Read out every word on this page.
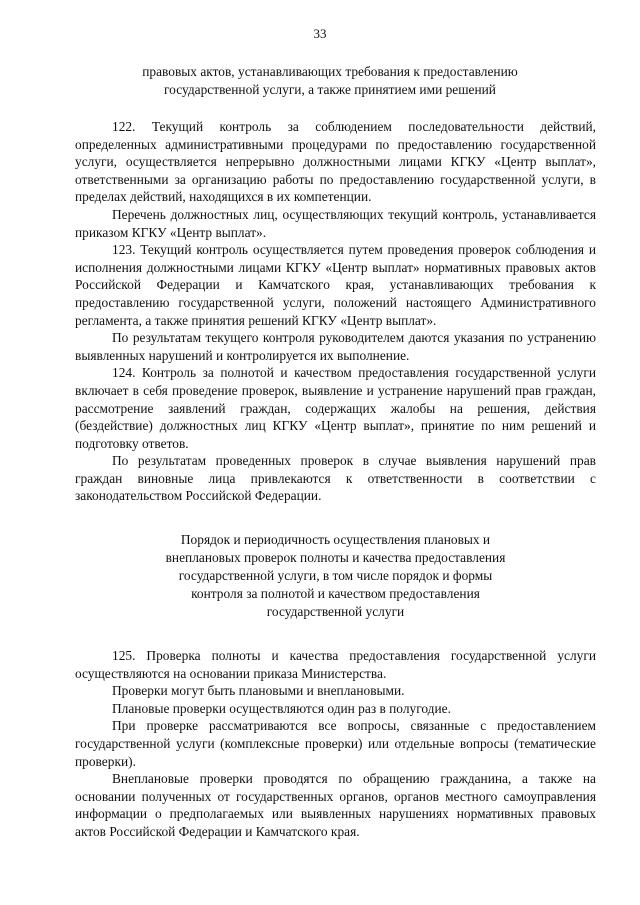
33
правовых актов, устанавливающих требования к предоставлению
государственной услуги, а также принятием ими решений

122. Текущий контроль за соблюдением последовательности действий, определенных административными процедурами по предоставлению государственной услуги, осуществляется непрерывно должностными лицами КГКУ «Центр выплат», ответственными за организацию работы по предоставлению государственной услуги, в пределах действий, находящихся в их компетенции.

Перечень должностных лиц, осуществляющих текущий контроль, устанавливается приказом КГКУ «Центр выплат».

123. Текущий контроль осуществляется путем проведения проверок соблюдения и исполнения должностными лицами КГКУ «Центр выплат» нормативных правовых актов Российской Федерации и Камчатского края, устанавливающих требования к предоставлению государственной услуги, положений настоящего Административного регламента, а также принятия решений КГКУ «Центр выплат».

По результатам текущего контроля руководителем даются указания по устранению выявленных нарушений и контролируется их выполнение.

124. Контроль за полнотой и качеством предоставления государственной услуги включает в себя проведение проверок, выявление и устранение нарушений прав граждан, рассмотрение заявлений граждан, содержащих жалобы на решения, действия (бездействие) должностных лиц КГКУ «Центр выплат», принятие по ним решений и подготовку ответов.

По результатам проведенных проверок в случае выявления нарушений прав граждан виновные лица привлекаются к ответственности в соответствии с законодательством Российской Федерации.

Порядок и периодичность осуществления плановых и
внеплановых проверок полноты и качества предоставления
государственной услуги, в том числе порядок и формы
контроля за полнотой и качеством предоставления
государственной услуги

125. Проверка полноты и качества предоставления государственной услуги осуществляются на основании приказа Министерства.

Проверки могут быть плановыми и внеплановыми.

Плановые проверки осуществляются один раз в полугодие.

При проверке рассматриваются все вопросы, связанные с предоставлением государственной услуги (комплексные проверки) или отдельные вопросы (тематические проверки).

Внеплановые проверки проводятся по обращению гражданина, а также на основании полученных от государственных органов, органов местного самоуправления информации о предполагаемых или выявленных нарушениях нормативных правовых актов Российской Федерации и Камчатского края.
